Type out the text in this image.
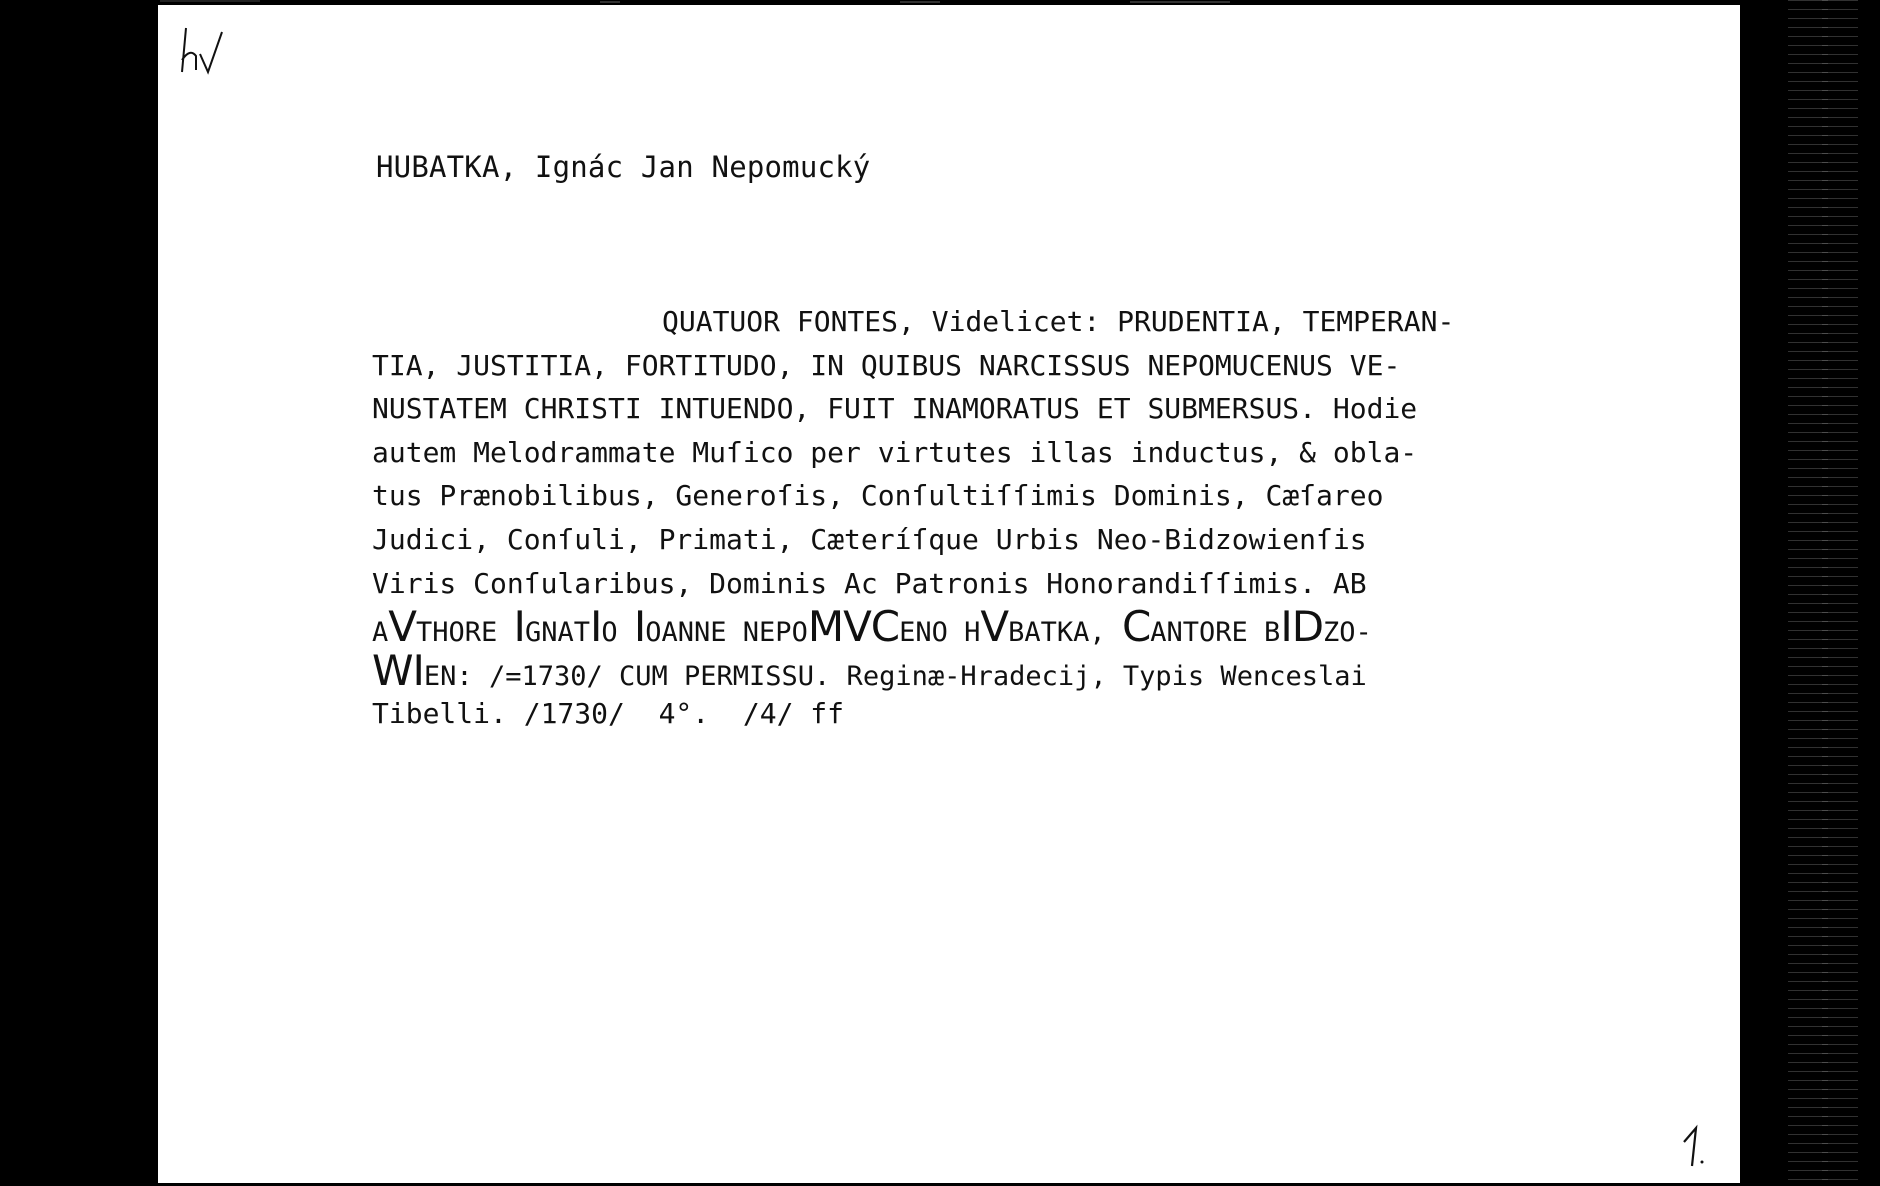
HUBATKA, Ignác Jan Nepomucký
QUATUOR FONTES, Videlicet: PRUDENTIA, TEMPERAN-
TIA, JUSTITIA, FORTITUDO, IN QUIBUS NARCISSUS NEPOMUCENUS VE-
NUSTATEM CHRISTI INTUENDO, FUIT INAMORATUS ET SUBMERSUS. Hodie
autem Melodrammate Muſico per virtutes illas inductus, & obla-
tus Prænobilibus, Generoſis, Conſultiſſimis Dominis, Cæſareo
Judici, Conſuli, Primati, Cæteríſque Urbis Neo-Bidzowienſis
Viris Conſularibus, Dominis Ac Patronis Honorandiſſimis. AB
AVTHORE IGNATIO IOANNE NEPOMVCENO HVBATKA, CANTORE BIDZO-
WIEN: /=1730/ CUM PERMISSU. Reginæ-Hradecij, Typis Wenceslai
Tibelli. /1730/  4°.  /4/ ff
